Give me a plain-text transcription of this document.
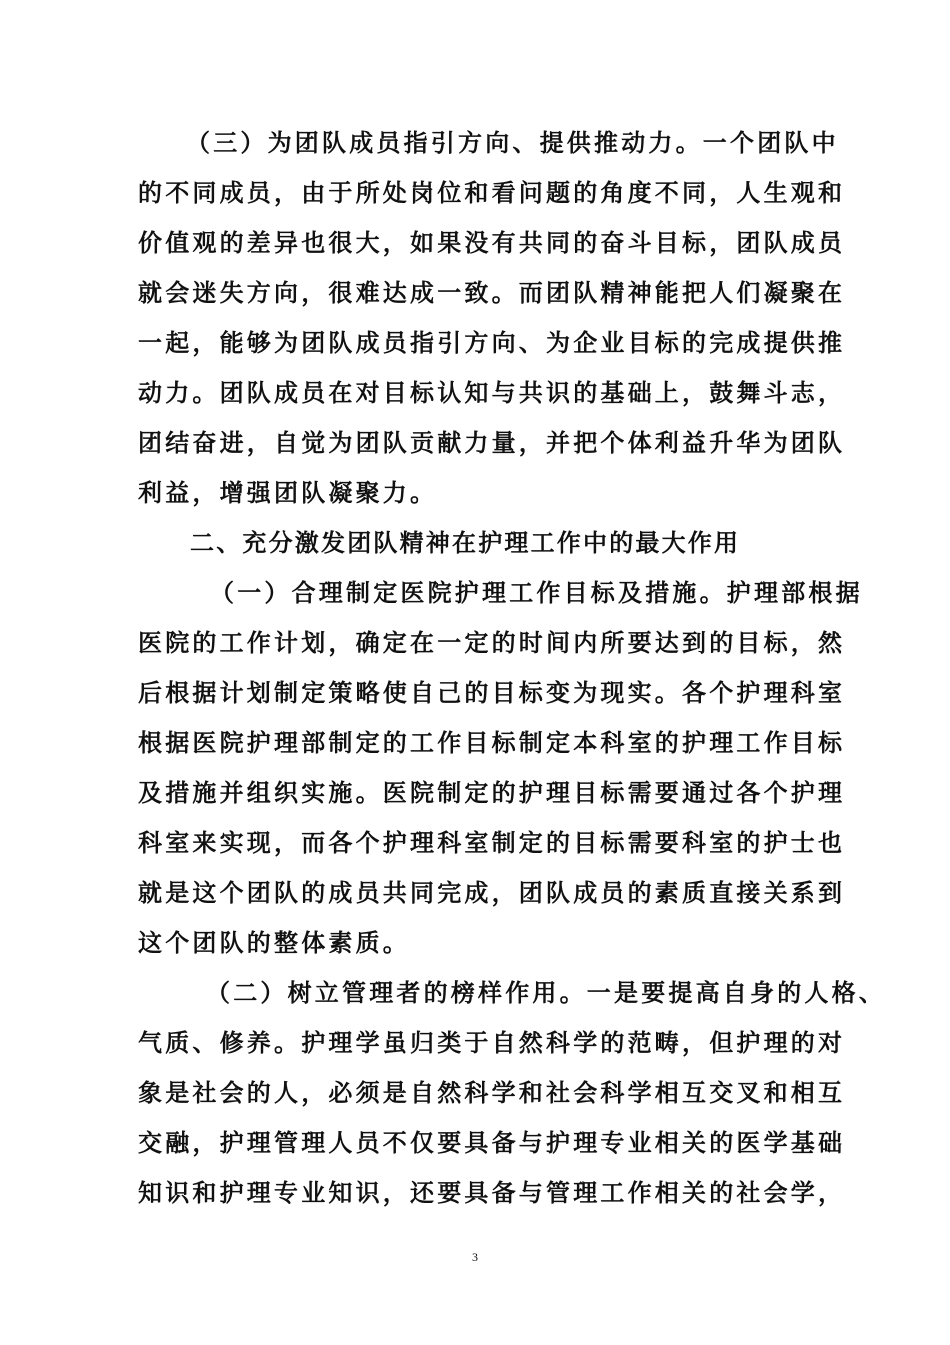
（三）为团队成员指引方向、提供推动力。一个团队中
的不同成员，由于所处岗位和看问题的角度不同，人生观和
价值观的差异也很大，如果没有共同的奋斗目标，团队成员
就会迷失方向，很难达成一致。而团队精神能把人们凝聚在
一起，能够为团队成员指引方向、为企业目标的完成提供推
动力。团队成员在对目标认知与共识的基础上，鼓舞斗志，
团结奋进，自觉为团队贡献力量，并把个体利益升华为团队
利益，增强团队凝聚力。
二、充分激发团队精神在护理工作中的最大作用
（一）合理制定医院护理工作目标及措施。护理部根据
医院的工作计划，确定在一定的时间内所要达到的目标，然
后根据计划制定策略使自己的目标变为现实。各个护理科室
根据医院护理部制定的工作目标制定本科室的护理工作目标
及措施并组织实施。医院制定的护理目标需要通过各个护理
科室来实现，而各个护理科室制定的目标需要科室的护士也
就是这个团队的成员共同完成，团队成员的素质直接关系到
这个团队的整体素质。
（二）树立管理者的榜样作用。一是要提高自身的人格、
气质、修养。护理学虽归类于自然科学的范畴，但护理的对
象是社会的人，必须是自然科学和社会科学相互交叉和相互
交融，护理管理人员不仅要具备与护理专业相关的医学基础
知识和护理专业知识，还要具备与管理工作相关的社会学，
3
